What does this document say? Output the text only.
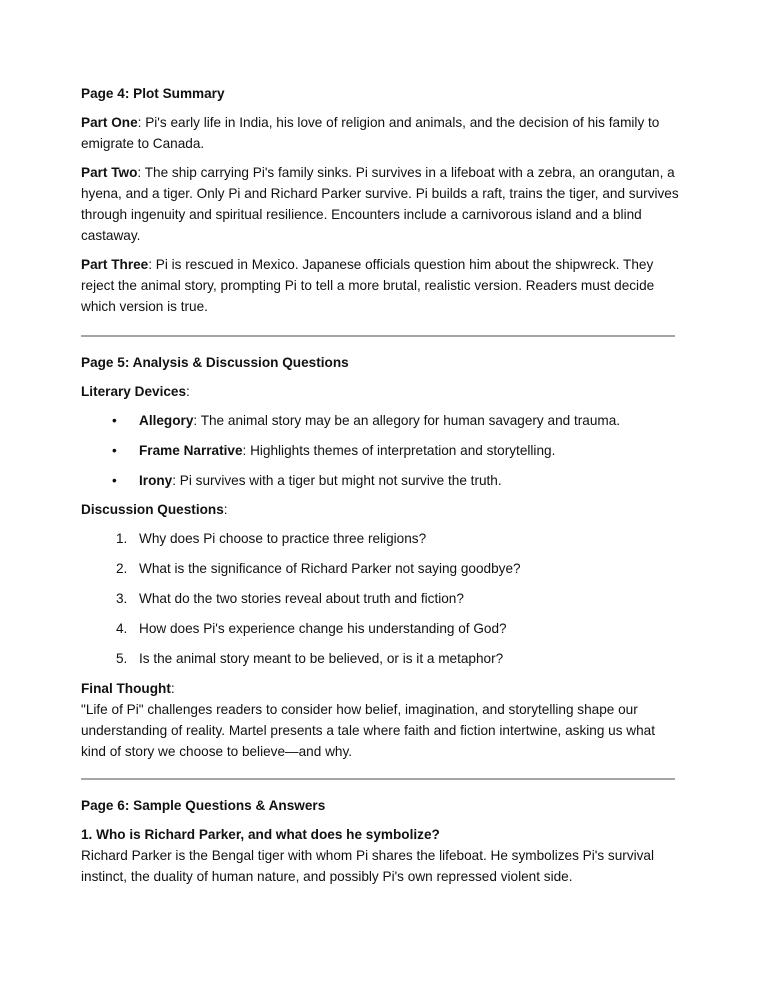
Page 4: Plot Summary

Part One: Pi's early life in India, his love of religion and animals, and the decision of his family to emigrate to Canada.

Part Two: The ship carrying Pi's family sinks. Pi survives in a lifeboat with a zebra, an orangutan, a hyena, and a tiger. Only Pi and Richard Parker survive. Pi builds a raft, trains the tiger, and survives through ingenuity and spiritual resilience. Encounters include a carnivorous island and a blind castaway.

Part Three: Pi is rescued in Mexico. Japanese officials question him about the shipwreck. They reject the animal story, prompting Pi to tell a more brutal, realistic version. Readers must decide which version is true.

Page 5: Analysis & Discussion Questions

Literary Devices:

•	Allegory: The animal story may be an allegory for human savagery and trauma.

•	Frame Narrative: Highlights themes of interpretation and storytelling.

•	Irony: Pi survives with a tiger but might not survive the truth.

Discussion Questions:

1. Why does Pi choose to practice three religions?

2. What is the significance of Richard Parker not saying goodbye?

3. What do the two stories reveal about truth and fiction?

4. How does Pi's experience change his understanding of God?

5. Is the animal story meant to be believed, or is it a metaphor?

Final Thought:
"Life of Pi" challenges readers to consider how belief, imagination, and storytelling shape our understanding of reality. Martel presents a tale where faith and fiction intertwine, asking us what kind of story we choose to believe—and why.

Page 6: Sample Questions & Answers

1. Who is Richard Parker, and what does he symbolize?
Richard Parker is the Bengal tiger with whom Pi shares the lifeboat. He symbolizes Pi's survival instinct, the duality of human nature, and possibly Pi's own repressed violent side.
